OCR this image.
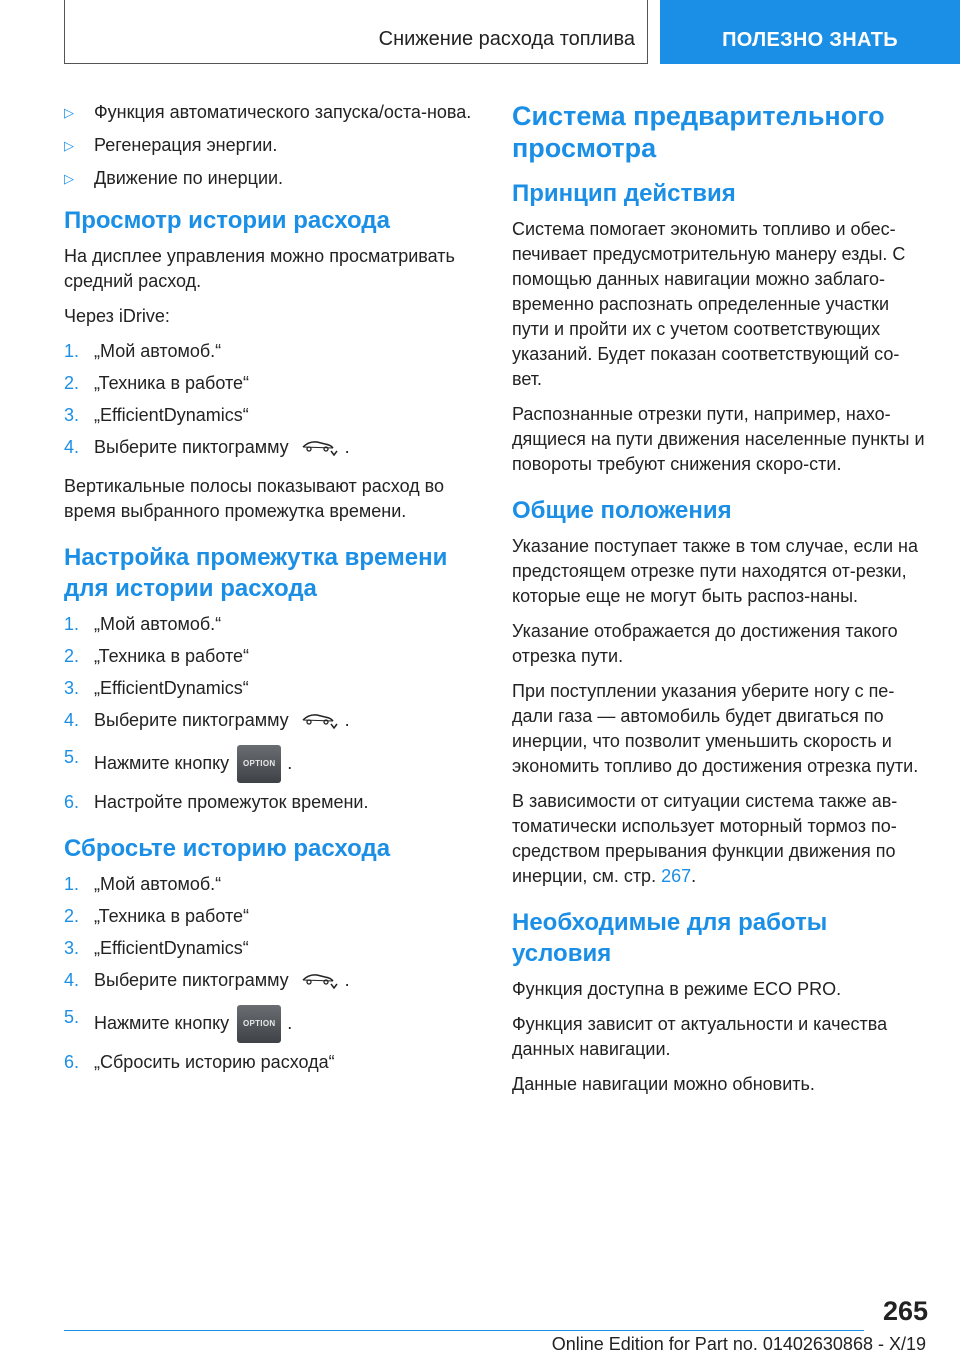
Снижение расхода топлива	ПОЛЕЗНО ЗНАТЬ
▷ Функция автоматического запуска/оста-нова.
▷ Регенерация энергии.
▷ Движение по инерции.
Просмотр истории расхода

На дисплее управления можно просматривать средний расход.

Через iDrive:

1. „Мой автомоб.“
2. „Техника в работе“
3. „EfficientDynamics“
4. Выберите пиктограмму	.

Вертикальные полосы показывают расход во время выбранного промежутка времени.

Настройка промежутка времени для истории расхода
1. „Мой автомоб.“
2. „Техника в работе“
3. „EfficientDynamics“
4. Выберите пиктограмму	.
5. Нажмите кнопку OPTION .
6. Настройте промежуток времени.
Сбросьте историю расхода
1. „Мой автомоб.“
2. „Техника в работе“
3. „EfficientDynamics“
4. Выберите пиктограмму	.
5. Нажмите кнопку OPTION .
6. „Сбросить историю расхода“
Система предварительного просмотра
Принцип действия

Система помогает экономить топливо и обес-печивает предусмотрительную манеру езды. С помощью данных навигации можно заблаго-временно распознать определенные участки пути и пройти их с учетом соответствующих указаний. Будет показан соответствующий со-вет.

Распознанные отрезки пути, например, нахо-дящиеся на пути движения населенные пункты и повороты требуют снижения скоро-сти.

Общие положения

Указание поступает также в том случае, если на предстоящем отрезке пути находятся от-резки, которые еще не могут быть распоз-наны.

Указание отображается до достижения такого отрезка пути.

При поступлении указания уберите ногу с пе-дали газа — автомобиль будет двигаться по инерции, что позволит уменьшить скорость и экономить топливо до достижения отрезка пути.

В зависимости от ситуации система также ав-томатически использует моторный тормоз по-средством прерывания функции движения по инерции, см. стр. 267.

Необходимые для работы условия

Функция доступна в режиме ECO PRO.

Функция зависит от актуальности и качества данных навигации.

Данные навигации можно обновить.

265
Online Edition for Part no. 01402630868 - X/19
